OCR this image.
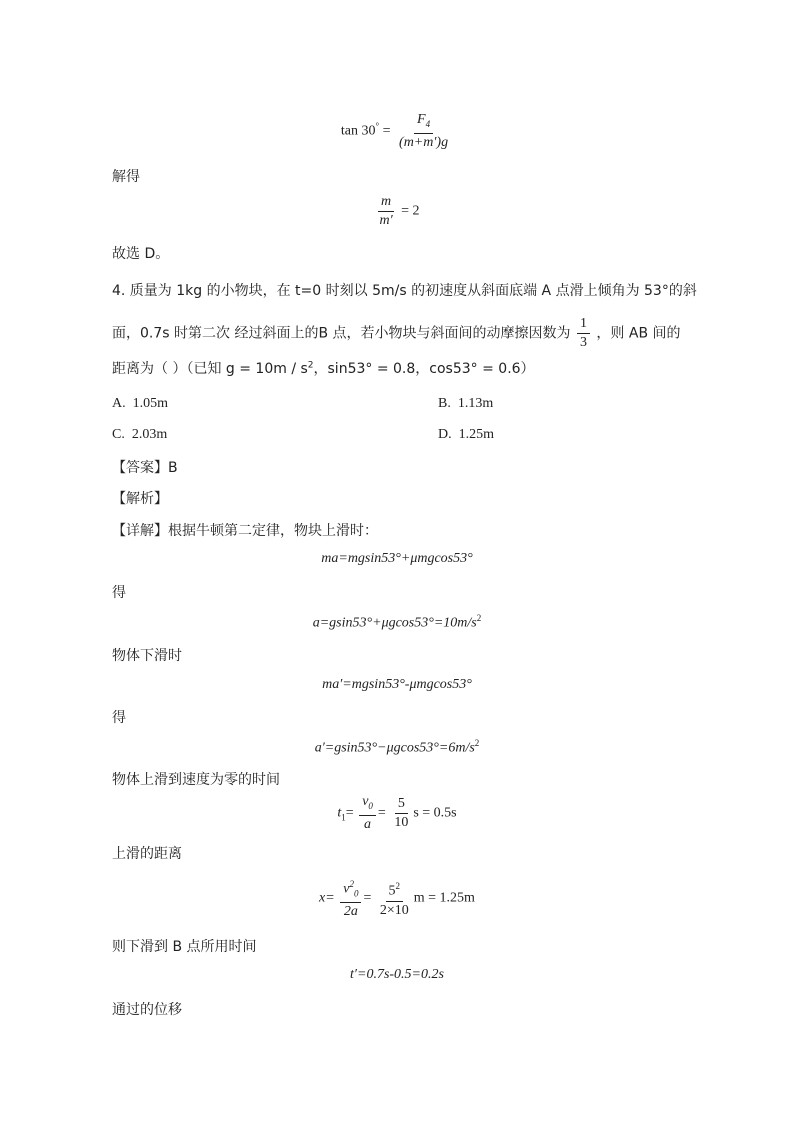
$\tan 30^\circ = \frac{F_4}{(m+m')g}$
解得
$\frac{m}{m'} = 2$
故选 D。
4. 质量为 1kg 的小物块，在 t=0 时刻以 5m/s 的初速度从斜面底端 A 点滑上倾角为 53°的斜
面，0.7s 时第二次 经过斜面上的B 点，若小物块与斜面间的动摩擦因数为 $\frac{1}{3}$ ，则 AB 间的
距离为（ ）（已知 $g = 10m / s^2$，sin53° = 0.8，cos53° = 0.6）
A. 1.05m	B. 1.13m
C. 2.03m	D. 1.25m
【答案】B
【解析】
【详解】根据牛顿第二定律，物块上滑时：
ma=mgsin53°+μmgcos53°
得
$a=gsin53^\circ+\mu gcos53^\circ=10m/s^2$
物体下滑时
ma′=mgsin53°-μmgcos53°
得
$a'=gsin53^\circ-\mu gcos53^\circ=6m/s^2$
物体上滑到速度为零的时间
$t_1= \frac{v_0}{a} = \frac{5}{10}$ s = 0.5s
上滑的距离
$x= \frac{v^2_0}{2a} = \frac{5^2}{2\times 10}$ m = 1.25m
则下滑到 B 点所用时间
t′=0.7s-0.5=0.2s
通过的位移
